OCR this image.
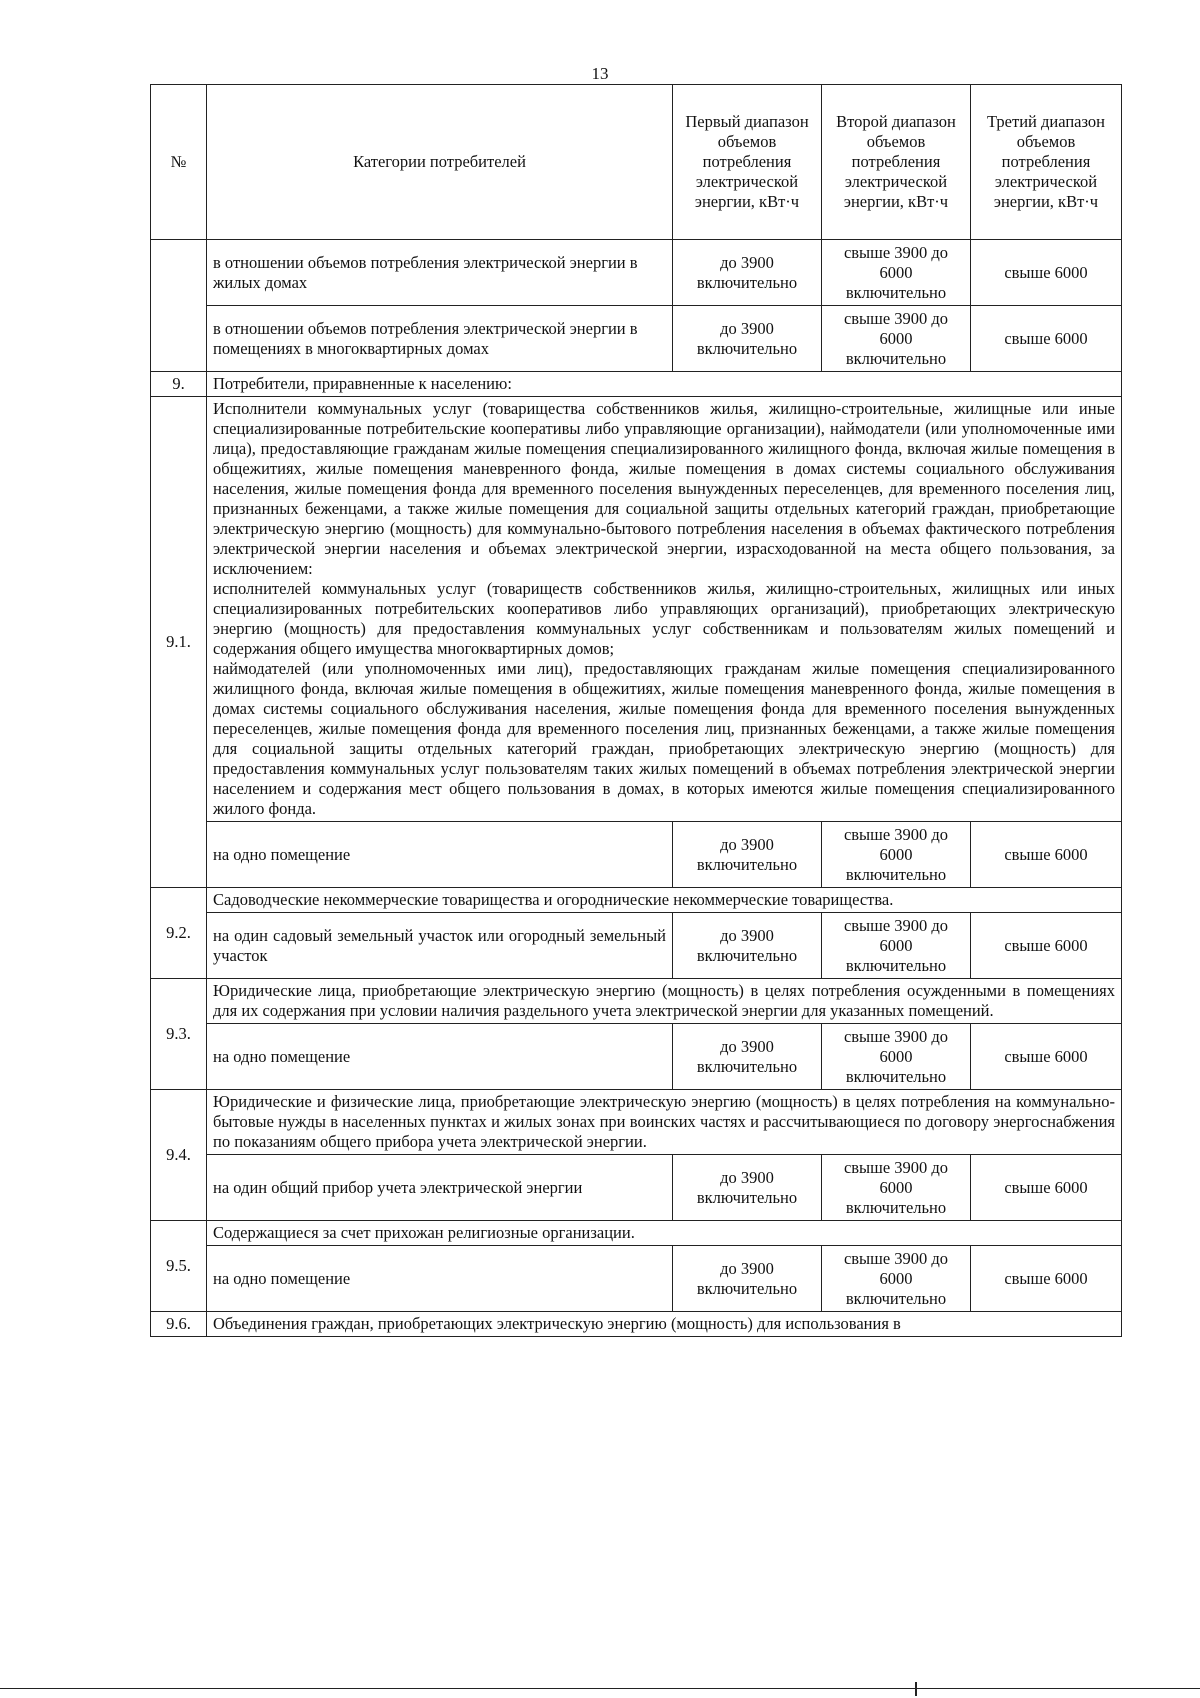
13
№	Категории потребителей	Первый диапазон объемов потребления электрической энергии, кВт·ч	Второй диапазон объемов потребления электрической энергии, кВт·ч	Третий диапазон объемов потребления электрической энергии, кВт·ч
	в отношении объемов потребления электрической энергии в жилых домах	до 3900 включительно	свыше 3900 до 6000 включительно	свыше 6000
	в отношении объемов потребления электрической энергии в помещениях в многоквартирных домах	до 3900 включительно	свыше 3900 до 6000 включительно	свыше 6000
9.	Потребители, приравненные к населению:			
9.1.	Исполнители коммунальных услуг (товарищества собственников жилья, жилищно-строительные, жилищные или иные специализированные потребительские кооперативы либо управляющие организации), наймодатели (или уполномоченные ими лица), предоставляющие гражданам жилые помещения специализированного жилищного фонда, включая жилые помещения в общежитиях, жилые помещения маневренного фонда, жилые помещения в домах системы социального обслуживания населения, жилые помещения фонда для временного поселения вынужденных переселенцев, для временного поселения лиц, признанных беженцами, а также жилые помещения для социальной защиты отдельных категорий граждан, приобретающие электрическую энергию (мощность) для коммунально-бытового потребления населения в объемах фактического потребления электрической энергии населения и объемах электрической энергии, израсходованной на места общего пользования, за исключением:
исполнителей коммунальных услуг (товариществ собственников жилья, жилищно-строительных, жилищных или иных специализированных потребительских кооперативов либо управляющих организаций), приобретающих электрическую энергию (мощность) для предоставления коммунальных услуг собственникам и пользователям жилых помещений и содержания общего имущества многоквартирных домов;
наймодателей (или уполномоченных ими лиц), предоставляющих гражданам жилые помещения специализированного жилищного фонда, включая жилые помещения в общежитиях, жилые помещения маневренного фонда, жилые помещения в домах системы социального обслуживания населения, жилые помещения фонда для временного поселения вынужденных переселенцев, жилые помещения фонда для временного поселения лиц, признанных беженцами, а также жилые помещения для социальной защиты отдельных категорий граждан, приобретающих электрическую энергию (мощность) для предоставления коммунальных услуг пользователям таких жилых помещений в объемах потребления электрической энергии населением и содержания мест общего пользования в домах, в которых имеются жилые помещения специализированного жилого фонда.			

	на одно помещение	до 3900 включительно	свыше 3900 до 6000 включительно	свыше 6000
9.2.	Садоводческие некоммерческие товарищества и огороднические некоммерческие товарищества.			
	на один садовый земельный участок или огородный земельный участок	до 3900 включительно	свыше 3900 до 6000 включительно	свыше 6000
9.3.	Юридические лица, приобретающие электрическую энергию (мощность) в целях потребления осужденными в помещениях для их содержания при условии наличия раздельного учета электрической энергии для указанных помещений.			
	на одно помещение	до 3900 включительно	свыше 3900 до 6000 включительно	свыше 6000
9.4.	Юридические и физические лица, приобретающие электрическую энергию (мощность) в целях потребления на коммунально-бытовые нужды в населенных пунктах и жилых зонах при воинских частях и рассчитывающиеся по договору энергоснабжения по показаниям общего прибора учета электрической энергии.			
	на один общий прибор учета электрической энергии	до 3900 включительно	свыше 3900 до 6000 включительно	свыше 6000
9.5.	Содержащиеся за счет прихожан религиозные организации.			
	на одно помещение	до 3900 включительно	свыше 3900 до 6000 включительно	свыше 6000
9.6.	Объединения граждан, приобретающих электрическую энергию (мощность) для использования в			
